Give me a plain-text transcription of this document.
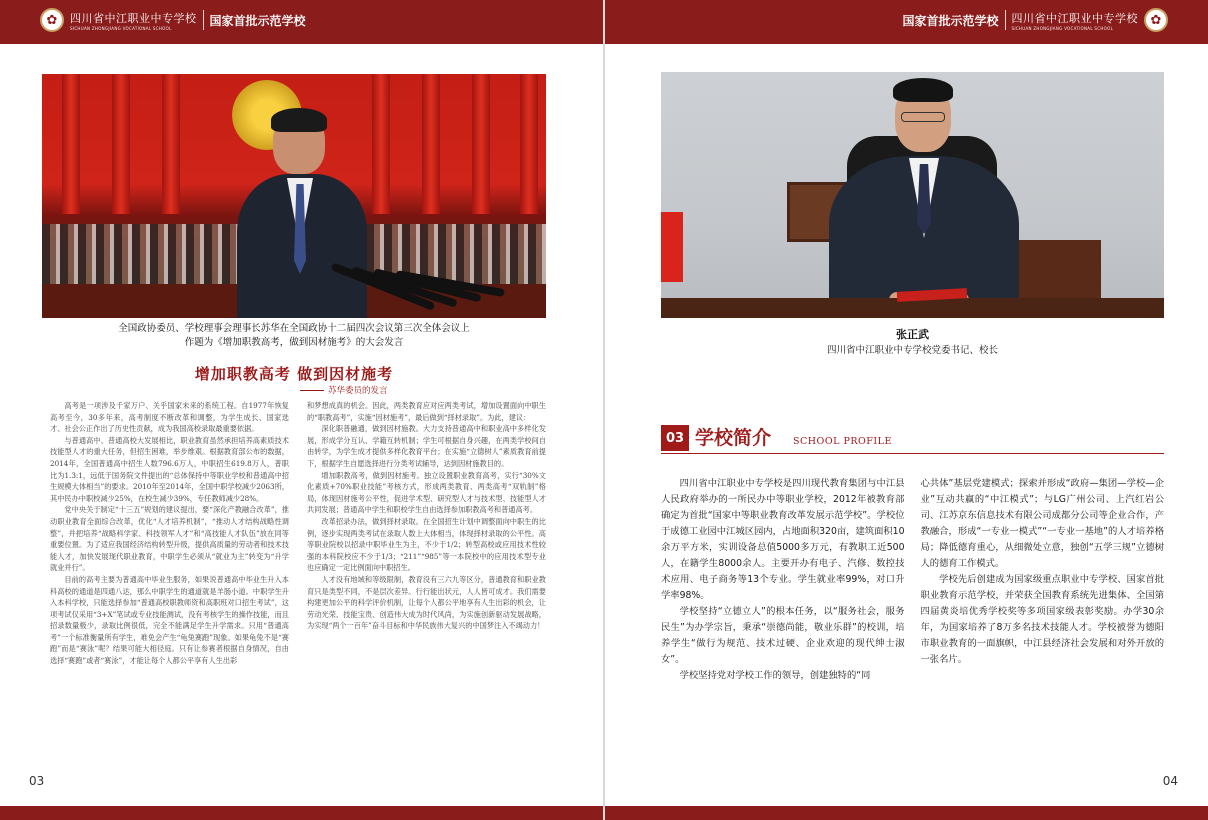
✿	四川省中江职业中专学校
SICHUAN ZHONGJIANG VOCATIONAL SCHOOL
国家首批示范学校
全国政协委员、学校理事会理事长苏华在全国政协十二届四次会议第三次全体会议上
作题为《增加职教高考，做到因材施考》的大会发言
增加职教高考 做到因材施考
苏华委员的发言

高考是一项涉及千家万户、关乎国家未来的系统工程。自1977年恢复高考至今，30多年来，高考制度不断改革和调整，为学生成长、国家选才、社会公正作出了历史性贡献，成为我国高校录取最重要依据。

与普通高中、普通高校大发展相比，职业教育虽然承担培养高素质技术技能型人才的重大任务，但招生困难，举步维艰。根据教育部公布的数据，2014年，全国普通高中招生人数796.6万人，中职招生619.8万人，普职比为1.3:1，远低于国务院文件提出的“总体保持中等职业学校和普通高中招生规模大体相当”的要求。2010年至2014年，全国中职学校减少2063所，其中民办中职校减少25%，在校生减少39%，专任教师减少28%。

党中央关于制定“十三五”规划的建议提出，要“深化产教融合改革”，推动职业教育全面综合改革，优化“人才培养机制”，“推动人才结构战略性调整”，并把培养“战略科学家、科技领军人才”和“高技能人才队伍”放在同等重要位置。为了适应我国经济结构转型升级，提供高质量的劳动者和技术技能人才，加快发展现代职业教育，中职学生必须从“就业为主”转变为“升学就业并行”。

目前的高考主要为普通高中毕业生服务，如果说普通高中毕业生升入本科高校的通道是四通八达，那么中职学生的通道就是羊肠小道。中职学生升入本科学校，只能选择参加“普通高校职教师资和高职班对口招生考试”，这项考试仅采用“3+X”笔试或专业技能测试，没有考核学生的操作技能，而且招录数量极少，录取比例很低，完全不能满足学生升学需求。只用“普通高考”一个标准衡量所有学生，难免会产生“龟兔赛跑”现象。如果龟兔不是“赛跑”而是“赛泳”呢？结果可能大相径庭。只有让参赛者根据自身情况，自由选择“赛跑”或者“赛泳”，才能让每个人都公平享有人生出彩

和梦想成真的机会。因此，两类教育应对应两类考试，增加设置面向中职生的“职教高考”，实施“因材施考”，最后做到“择材录取”。为此，建议：

深化职普融通，做到因材施教。大力支持普通高中和职业高中多样化发展，形成学分互认、学籍互转机制；学生可根据自身兴趣，在两类学校间自由转学，为学生成才提供多样化教育平台；在实施“立德树人”素质教育前提下，根据学生自愿选择进行分类考试辅导，达到因材施教目的。

增加职教高考，做到因材施考。独立设置职业教育高考，实行“30%文化素质+70%职业技能”考核方式，形成两类教育、两类高考“双轨制”格局，体现因材施考公平性，促进学术型、研究型人才与技术型、技能型人才共同发展；普通高中学生和职校学生自由选择参加职教高考和普通高考。

改革招录办法，做到择材录取。在全国招生计划中调整面向中职生的比例，逐步实现两类考试在录取人数上大体相当，体现择材录取的公平性。高等职业院校以招录中职毕业生为主，不少于1/2；转型高校或应用技术性较强的本科院校应不少于1/3；“211”“985”等一本院校中的应用技术型专业也应确定一定比例面向中职招生。

人才没有地域和等级限制，教育没有三六九等区分，普通教育和职业教育只是类型不同，不是层次差异。行行能出状元，人人皆可成才。我们需要构建更加公平的科学评价机制，让每个人都公平地享有人生出彩的机会，让劳动光荣、技能宝贵、创造伟大成为时代风尚，为实施创新驱动发展战略，为实现“两个一百年”奋斗目标和中华民族伟大复兴的中国梦注入不竭动力！

03
✿
四川省中江职业中专学校
SICHUAN ZHONGJIANG VOCATIONAL SCHOOL
国家首批示范学校
张正武
四川省中江职业中专学校党委书记、校长
03 学校简介 SCHOOL PROFILE

四川省中江职业中专学校是四川现代教育集团与中江县人民政府举办的一所民办中等职业学校，2012年被教育部确定为首批“国家中等职业教育改革发展示范学校”。学校位于成德工业园中江城区园内，占地面积320亩，建筑面积10余万平方米，实训设备总值5000多万元，有教职工近500人，在籍学生8000余人。主要开办有电子、汽修、数控技术应用、电子商务等13个专业。学生就业率99%，对口升学率98%。

学校坚持“立德立人”的根本任务，以“服务社会，服务民生”为办学宗旨，秉承“崇德尚能，敬业乐群”的校训，培养学生“做行为规范、技术过硬、企业欢迎的现代绅士淑女”。

学校坚持党对学校工作的领导，创建独特的“同

心共体”基层党建模式；探索并形成“政府—集团—学校—企业”互动共赢的“中江模式”；与LG广州公司、上汽红岩公司、江苏京东信息技术有限公司成都分公司等企业合作，产教融合，形成“一专业一模式”“一专业一基地”的人才培养格局；降低德育重心，从细微处立意，独创“五学三规”立德树人的德育工作模式。

学校先后创建成为国家级重点职业中专学校、国家首批职业教育示范学校，并荣获全国教育系统先进集体、全国第四届黄炎培优秀学校奖等多项国家级表彰奖励。办学30余年，为国家培养了8万多名技术技能人才。学校被誉为德阳市职业教育的一面旗帜，中江县经济社会发展和对外开放的一张名片。

04
